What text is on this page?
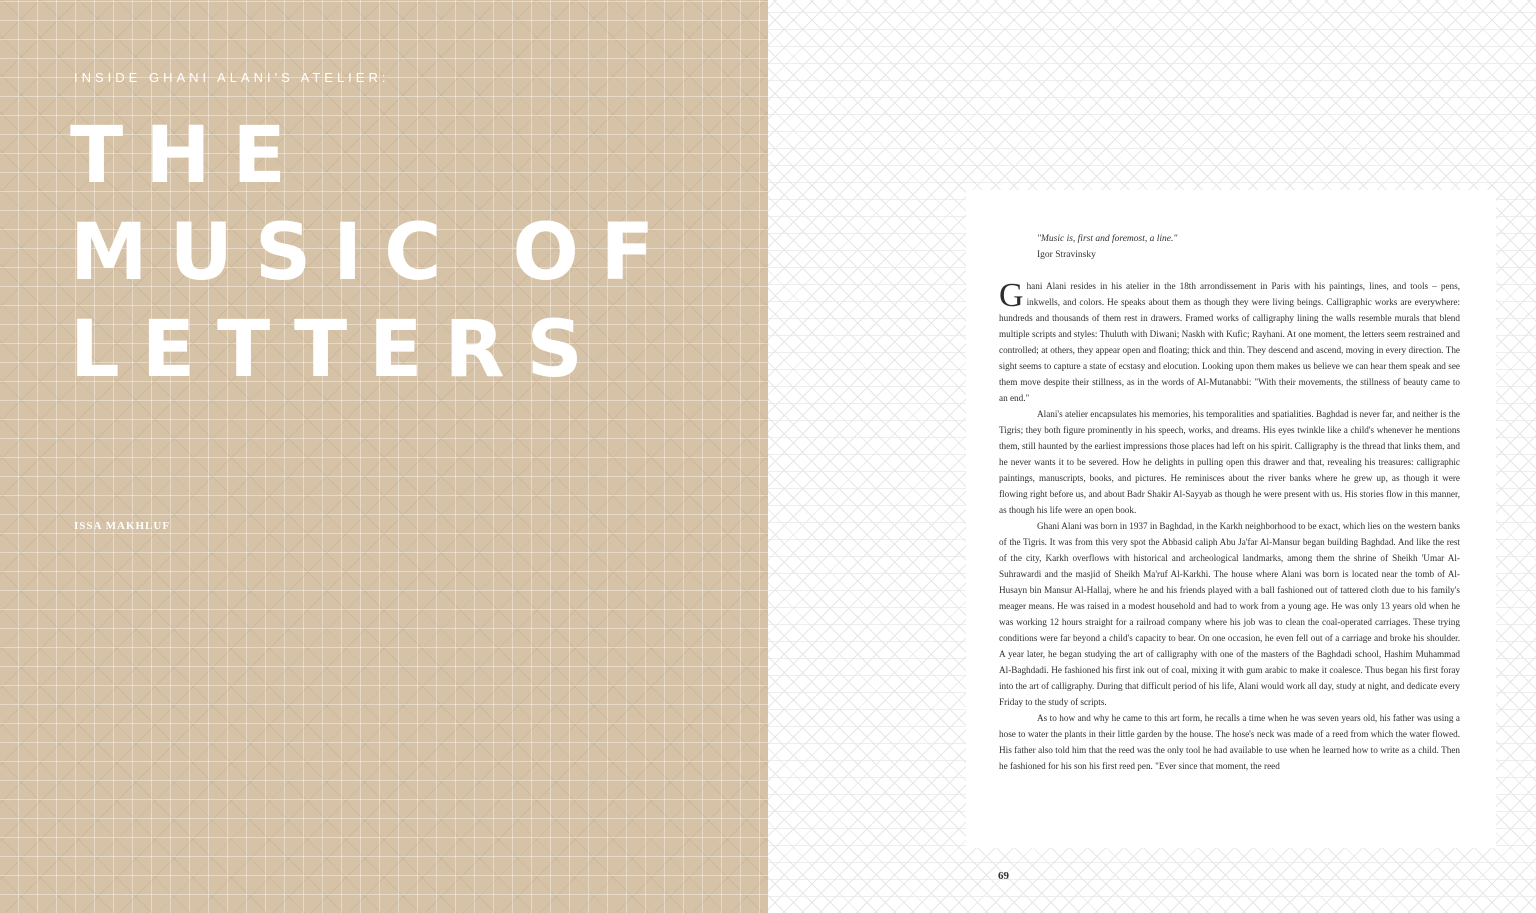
INSIDE GHANI ALANI'S ATELIER:
THE
MUSIC OF
LETTERS
ISSA MAKHLUF
"Music is, first and foremost, a line."
Igor Stravinsky

Ghani Alani resides in his atelier in the 18th arrondissement in Paris with his paintings, lines, and tools – pens, inkwells, and colors. He speaks about them as though they were living beings. Calligraphic works are everywhere: hundreds and thousands of them rest in drawers. Framed works of calligraphy lining the walls resemble murals that blend multiple scripts and styles: Thuluth with Diwani; Naskh with Kufic; Rayhani. At one moment, the letters seem restrained and controlled; at others, they appear open and floating; thick and thin. They descend and ascend, moving in every direction. The sight seems to capture a state of ecstasy and elocution. Looking upon them makes us believe we can hear them speak and see them move despite their stillness, as in the words of Al-Mutanabbi: "With their movements, the stillness of beauty came to an end."

Alani's atelier encapsulates his memories, his temporalities and spatialities. Baghdad is never far, and neither is the Tigris; they both figure prominently in his speech, works, and dreams. His eyes twinkle like a child's whenever he mentions them, still haunted by the earliest impressions those places had left on his spirit. Calligraphy is the thread that links them, and he never wants it to be severed. How he delights in pulling open this drawer and that, revealing his treasures: calligraphic paintings, manuscripts, books, and pictures. He reminisces about the river banks where he grew up, as though it were flowing right before us, and about Badr Shakir Al-Sayyab as though he were present with us. His stories flow in this manner, as though his life were an open book.

Ghani Alani was born in 1937 in Baghdad, in the Karkh neighborhood to be exact, which lies on the western banks of the Tigris. It was from this very spot the Abbasid caliph Abu Ja'far Al-Mansur began building Baghdad. And like the rest of the city, Karkh overflows with historical and archeological landmarks, among them the shrine of Sheikh 'Umar Al-Suhrawardi and the masjid of Sheikh Ma'ruf Al-Karkhi. The house where Alani was born is located near the tomb of Al-Husayn bin Mansur Al-Hallaj, where he and his friends played with a ball fashioned out of tattered cloth due to his family's meager means. He was raised in a modest household and had to work from a young age. He was only 13 years old when he was working 12 hours straight for a railroad company where his job was to clean the coal-operated carriages. These trying conditions were far beyond a child's capacity to bear. On one occasion, he even fell out of a carriage and broke his shoulder. A year later, he began studying the art of calligraphy with one of the masters of the Baghdadi school, Hashim Muhammad Al-Baghdadi. He fashioned his first ink out of coal, mixing it with gum arabic to make it coalesce. Thus began his first foray into the art of calligraphy. During that difficult period of his life, Alani would work all day, study at night, and dedicate every Friday to the study of scripts.

As to how and why he came to this art form, he recalls a time when he was seven years old, his father was using a hose to water the plants in their little garden by the house. The hose's neck was made of a reed from which the water flowed. His father also told him that the reed was the only tool he had available to use when he learned how to write as a child. Then he fashioned for his son his first reed pen. "Ever since that moment, the reed

69
